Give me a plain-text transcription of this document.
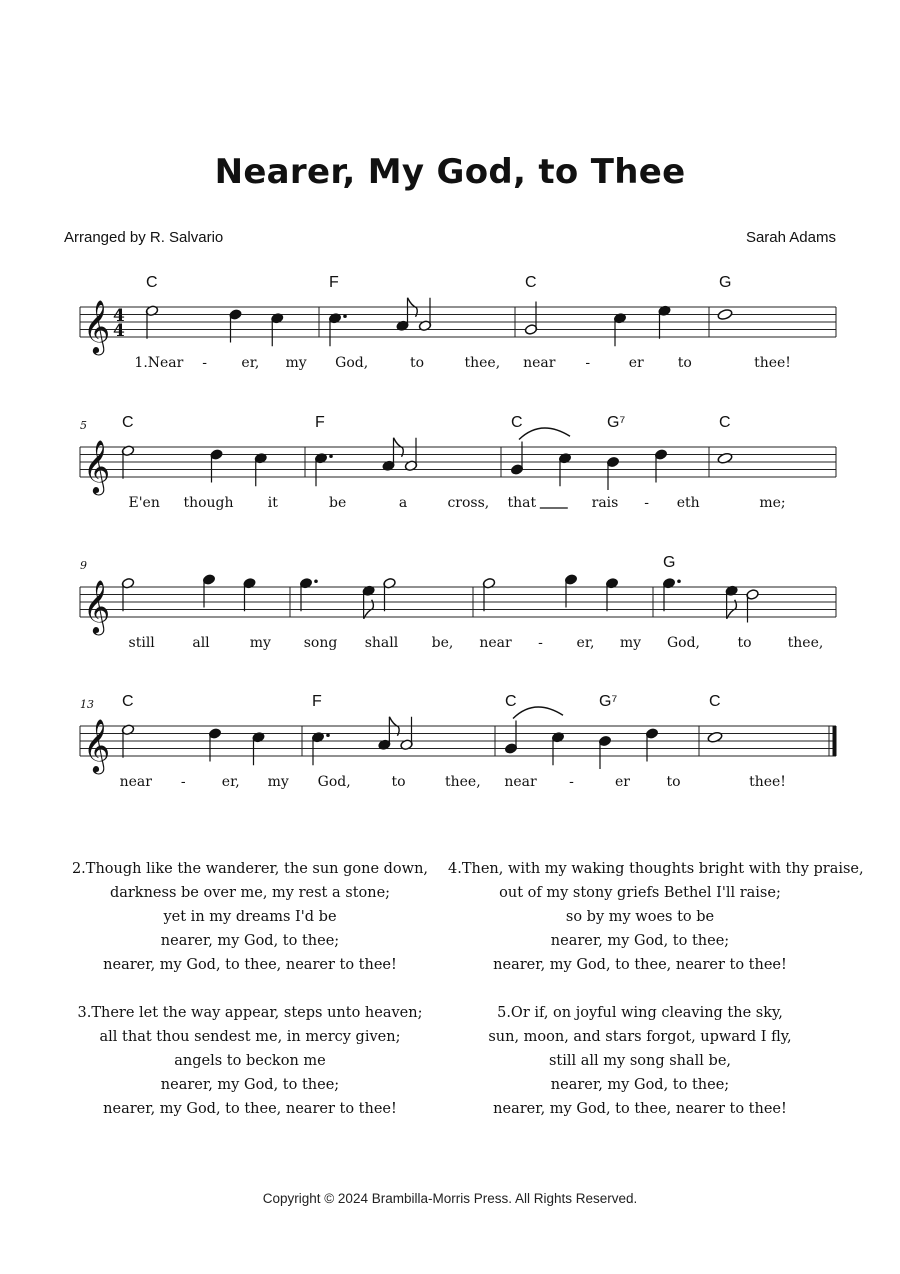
Nearer, My God, to Thee
Arranged by R. Salvario	Sarah Adams
𝄞 4
4
C
1.Near - er, my
F
God,	to	thee,
C
near -	er to
G
thee!
𝄞
5 C
E'en though it
F
be	a	cross,
C	G⁷
that	rais - eth
C
me;
𝄞
9
still	all	my song shall be, near - er, my
G
God,	to	thee,
𝄞
13 C
near -	er, my
F
God,	to	thee,
C	G⁷
near -	er	to
C
thee!
2.Though like the wanderer, the sun gone down,
darkness be over me, my rest a stone;
yet in my dreams I'd be
nearer, my God, to thee;
nearer, my God, to thee, nearer to thee!
3.There let the way appear, steps unto heaven;
all that thou sendest me, in mercy given;
angels to beckon me
nearer, my God, to thee;
nearer, my God, to thee, nearer to thee!
4.Then, with my waking thoughts bright with thy praise,
out of my stony griefs Bethel I'll raise;
so by my woes to be
nearer, my God, to thee;
nearer, my God, to thee, nearer to thee!
5.Or if, on joyful wing cleaving the sky,
sun, moon, and stars forgot, upward I fly,
still all my song shall be,
nearer, my God, to thee;
nearer, my God, to thee, nearer to thee!
Copyright © 2024 Brambilla-Morris Press. All Rights Reserved.
